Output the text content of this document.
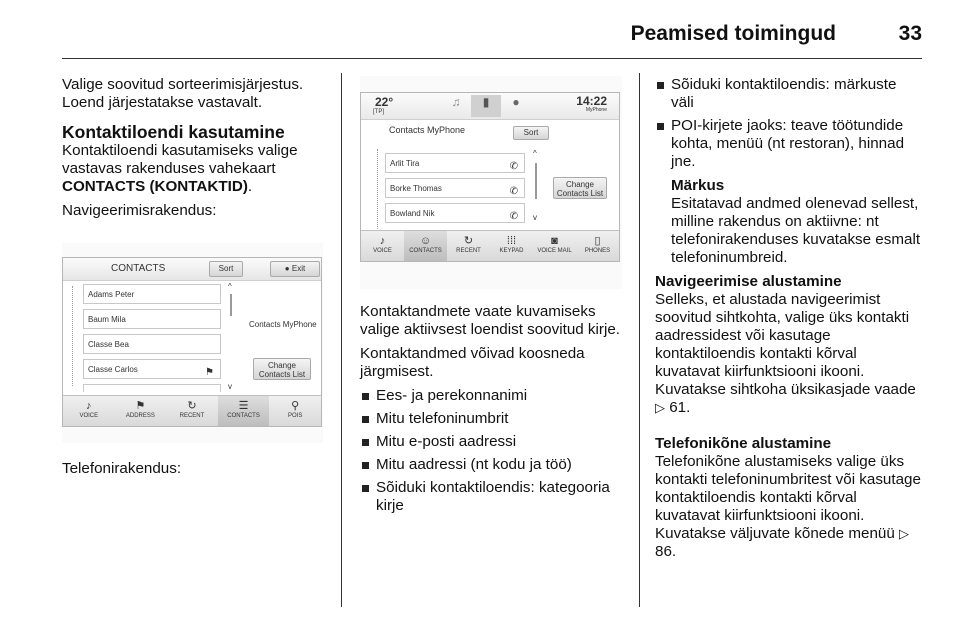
Peamised toimingud	33

Valige soovitud sorteerimisjärjestus. Loend järjestatakse vastavalt.

Kontaktiloendi kasutamine

Kontaktiloendi kasutamiseks valige vastavas rakenduses vahekaart CONTACTS (KONTAKTID).

Navigeerimisrakendus:

CONTACTS	Sort	● Exit
Adams Peter
Baum Mila
Classe Bea
Classe Carlos	⚑
^
v
Contacts MyPhone
Change Contacts List
♪
VOICE
⚑
ADDRESS
↻
RECENT
☰
CONTACTS
⚲
POIS

Telefonirakendus:

22°
[TP]
♫	▮	●	14:22
MyPhone
Contacts MyPhone	Sort
Arlit Tira	✆
Borke Thomas	✆
Bowland Nik	✆
^
v
Change Contacts List
♪
VOICE
☺
CONTACTS
↻
RECENT
⁞⁞⁞
KEYPAD
◙
VOICE MAIL
▯
PHONES

Kontaktandmete vaate kuvamiseks valige aktiivsest loendist soovitud kirje.

Kontaktandmed võivad koosneda järgmisest.

Ees- ja perekonnanimi
Mitu telefoninumbrit
Mitu e-posti aadressi
Mitu aadressi (nt kodu ja töö)
Sõiduki kontaktiloendis: kategooria kirje
Sõiduki kontaktiloendis: märkuste väli
POI-kirjete jaoks: teave töötundide kohta, menüü (nt restoran), hinnad jne.
Märkus

Esitatavad andmed olenevad sellest, milline rakendus on aktiivne: nt telefonirakenduses kuvatakse esmalt telefoninumbreid.

Navigeerimise alustamine

Selleks, et alustada navigeerimist soovitud sihtkohta, valige üks kontakti aadressidest või kasutage kontaktiloendis kontakti kõrval kuvatavat kiirfunktsiooni ikooni. Kuvatakse sihtkoha üksikasjade vaade ▷ 61.

Telefonikõne alustamine

Telefonikõne alustamiseks valige üks kontakti telefoninumbritest või kasutage kontaktiloendis kontakti kõrval kuvatavat kiirfunktsiooni ikooni. Kuvatakse väljuvate kõnede menüü ▷ 86.
